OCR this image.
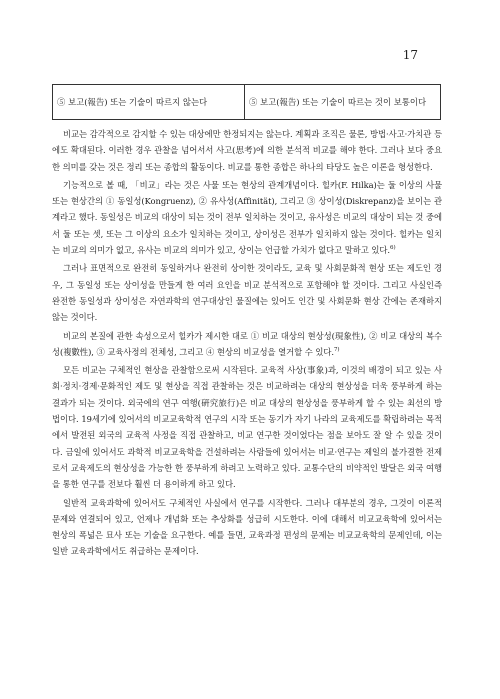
17
⑤ 보고(報告) 또는 기술이 따르지 않는다	⑤ 보고(報告) 또는 기술이 따르는 것이 보통이다

비교는 감각적으로 감지할 수 있는 대상에만 한정되지는 않는다. 계획과 조직은 물론, 방법·사고·가치관 등에도 확대된다. 이러한 경우 관찰을 넘어서서 사고(思考)에 의한 분석적 비교를 해야 한다. 그러나 보다 중요한 의미를 갖는 것은 정리 또는 종합의 활동이다. 비교를 통한 종합은 하나의 타당도 높은 이론을 형성한다.

기능적으로 볼 때, 「비교」라는 것은 사물 또는 현상의 관계개념이다. 힐카(F. Hilka)는 둘 이상의 사물 또는 현상간의 ① 동일성(Kongruenz), ② 유사성(Affinität), 그리고 ③ 상이성(Diskrepanz)을 보이는 관계라고 했다. 동일성은 비교의 대상이 되는 것이 전부 일치하는 것이고, 유사성은 비교의 대상이 되는 것 중에서 둘 또는 셋, 또는 그 이상의 요소가 일치하는 것이고, 상이성은 전부가 일치하지 않는 것이다. 힐카는 일치는 비교의 의미가 없고, 유사는 비교의 의미가 있고, 상이는 언급할 가치가 없다고 말하고 있다.$^{6)}$

그러나 표면적으로 완전히 동일하거나 완전히 상이한 것이라도, 교육 및 사회문화적 현상 또는 제도인 경우, 그 동일성 또는 상이성을 만들게 한 여러 요인을 비교 분석적으로 포함해야 할 것이다. 그리고 사실인즉 완전한 동일성과 상이성은 자연과학의 연구대상인 물질에는 있어도 인간 및 사회문화 현상 간에는 존재하지 않는 것이다.

비교의 본질에 관한 속성으로서 힐카가 제시한 대로 ① 비교 대상의 현상성(現象性), ② 비교 대상의 복수성(複數性), ③ 교육사정의 전체성, 그리고 ④ 현상의 비교성을 열거할 수 있다.$^{7)}$

모든 비교는 구체적인 현상을 관찰함으로써 시작된다. 교육적 사상(事象)과, 이것의 배경이 되고 있는 사회·정치·경제·문화적인 제도 및 현상을 직접 관찰하는 것은 비교하려는 대상의 현상성을 더욱 풍부하게 하는 결과가 되는 것이다. 외국에의 연구 여행(硏究旅行)은 비교 대상의 현상성을 풍부하게 할 수 있는 최선의 방법이다. 19세기에 있어서의 비교교육학적 연구의 시작 또는 동기가 자기 나라의 교육제도를 확립하려는 목적에서 발전된 외국의 교육적 사정을 직접 관찰하고, 비교 연구한 것이었다는 점을 보아도 잘 알 수 있을 것이다. 금일에 있어서도 과학적 비교교육학을 건설하려는 사람들에 있어서는 비교·연구는 제일의 불가결한 전제로서 교육제도의 현상성을 가능한 한 풍부하게 하려고 노력하고 있다. 교통수단의 비약적인 발달은 외국 여행을 통한 연구를 전보다 훨씬 더 용이하게 하고 있다.

일반적 교육과학에 있어서도 구체적인 사실에서 연구를 시작한다. 그러나 대부분의 경우, 그것이 이론적 문제와 연결되어 있고, 언제나 개념화 또는 추상화를 성급히 시도한다. 이에 대해서 비교교육학에 있어서는 현상의 폭넓은 묘사 또는 기술을 요구한다. 예를 들면, 교육과정 편성의 문제는 비교교육학의 문제인데, 이는 일반 교육과학에서도 취급하는 문제이다.
